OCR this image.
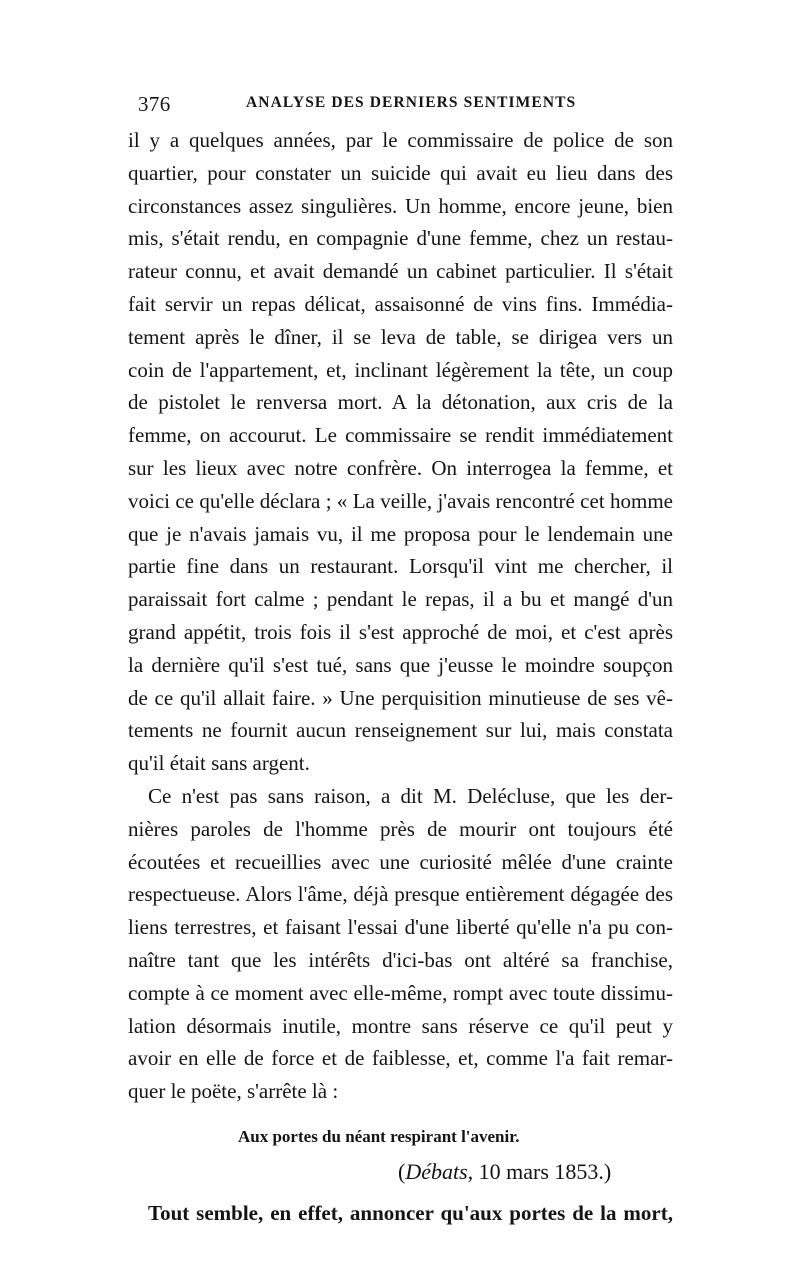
376	ANALYSE DES DERNIERS SENTIMENTS
il y a quelques années, par le commissaire de police de son
quartier, pour constater un suicide qui avait eu lieu dans des
circonstances assez singulières. Un homme, encore jeune, bien
mis, s'était rendu, en compagnie d'une femme, chez un restau-
rateur connu, et avait demandé un cabinet particulier. Il s'était
fait servir un repas délicat, assaisonné de vins fins. Immédia-
tement après le dîner, il se leva de table, se dirigea vers un
coin de l'appartement, et, inclinant légèrement la tête, un coup
de pistolet le renversa mort. A la détonation, aux cris de la
femme, on accourut. Le commissaire se rendit immédiatement
sur les lieux avec notre confrère. On interrogea la femme, et
voici ce qu'elle déclara ; « La veille, j'avais rencontré cet homme
que je n'avais jamais vu, il me proposa pour le lendemain une
partie fine dans un restaurant. Lorsqu'il vint me chercher, il
paraissait fort calme ; pendant le repas, il a bu et mangé d'un
grand appétit, trois fois il s'est approché de moi, et c'est après
la dernière qu'il s'est tué, sans que j'eusse le moindre soupçon
de ce qu'il allait faire. » Une perquisition minutieuse de ses vê-
tements ne fournit aucun renseignement sur lui, mais constata
qu'il était sans argent.
Ce n'est pas sans raison, a dit M. Delécluse, que les der-
nières paroles de l'homme près de mourir ont toujours été
écoutées et recueillies avec une curiosité mêlée d'une crainte
respectueuse. Alors l'âme, déjà presque entièrement dégagée des
liens terrestres, et faisant l'essai d'une liberté qu'elle n'a pu con-
naître tant que les intérêts d'ici-bas ont altéré sa franchise,
compte à ce moment avec elle-même, rompt avec toute dissimu-
lation désormais inutile, montre sans réserve ce qu'il peut y
avoir en elle de force et de faiblesse, et, comme l'a fait remar-
quer le poëte, s'arrête là :
Aux portes du néant respirant l'avenir.
(Débats, 10 mars 1853.)
Tout semble, en effet, annoncer qu'aux portes de la mort,
